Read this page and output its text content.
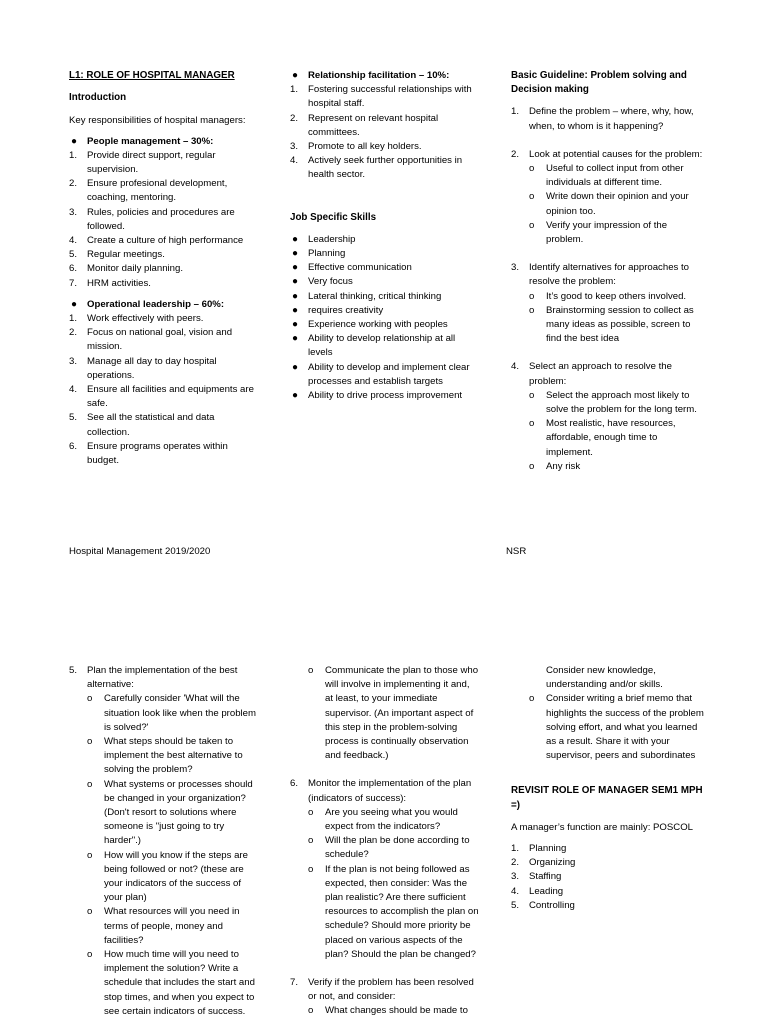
L1: ROLE OF HOSPITAL MANAGER

Introduction

Key responsibilities of hospital managers:

● People management – 30%:
1. Provide direct support, regular supervision.
2. Ensure profesional development, coaching, mentoring.
3. Rules, policies and procedures are followed.
4. Create a culture of high performance
5. Regular meetings.
6. Monitor daily planning.
7. HRM activities.
● Operational leadership – 60%:
1. Work effectively with peers.
2. Focus on national goal, vision and mission.
3. Manage all day to day hospital operations.
4. Ensure all facilities and equipments are safe.
5. See all the statistical and data collection.
6. Ensure programs operates within budget.
● Relationship facilitation – 10%:
1. Fostering successful relationships with hospital staff.
2. Represent on relevant hospital committees.
3. Promote to all key holders.
4. Actively seek further opportunities in health sector.

Job Specific Skills

● Leadership
● Planning
● Effective communication
● Very focus
● Lateral thinking, critical thinking
● requires creativity
● Experience working with peoples
● Ability to develop relationship at all levels
● Ability to develop and implement clear processes and establish targets
● Ability to drive process improvement

Basic Guideline: Problem solving and Decision making

1. Define the problem – where, why, how, when, to whom is it happening?
2. Look at potential causes for the problem:
o Useful to collect input from other individuals at different time.
o Write down their opinion and your opinion too.
o Verify your impression of the problem.
3. Identify alternatives for approaches to resolve the problem:
o It’s good to keep others involved.
o Brainstorming session to collect as many ideas as possible, screen to find the best idea
4. Select an approach to resolve the problem:
o Select the approach most likely to solve the problem for the long term.
o Most realistic, have resources, affordable, enough time to implement.
o Any risk
Hospital Management 2019/2020	NSR
5. Plan the implementation of the best alternative:
o Carefully consider 'What will the situation look like when the problem is solved?'
o What steps should be taken to implement the best alternative to solving the problem?
o What systems or processes should be changed in your organization? (Don't resort to solutions where someone is "just going to try harder".)
o How will you know if the steps are being followed or not? (these are your indicators of the success of your plan)
o What resources will you need in terms of people, money and facilities?
o How much time will you need to implement the solution? Write a schedule that includes the start and stop times, and when you expect to see certain indicators of success.
o Communicate the plan to those who will involve in implementing it and, at least, to your immediate supervisor. (An important aspect of this step in the problem-solving process is continually observation and feedback.)
6. Monitor the implementation of the plan (indicators of success):
o Are you seeing what you would expect from the indicators?
o Will the plan be done according to schedule?
o If the plan is not being followed as expected, then consider: Was the plan realistic? Are there sufficient resources to accomplish the plan on schedule? Should more priority be placed on various aspects of the plan? Should the plan be changed?
7. Verify if the problem has been resolved or not, and consider:
o What changes should be made to

Consider new knowledge, understanding and/or skills.

o Consider writing a brief memo that highlights the success of the problem solving effort, and what you learned as a result. Share it with your supervisor, peers and subordinates

REVISIT ROLE OF MANAGER SEM1 MPH =)

A manager’s function are mainly: POSCOL

1. Planning
2. Organizing
3. Staffing
4. Leading
5. Controlling
